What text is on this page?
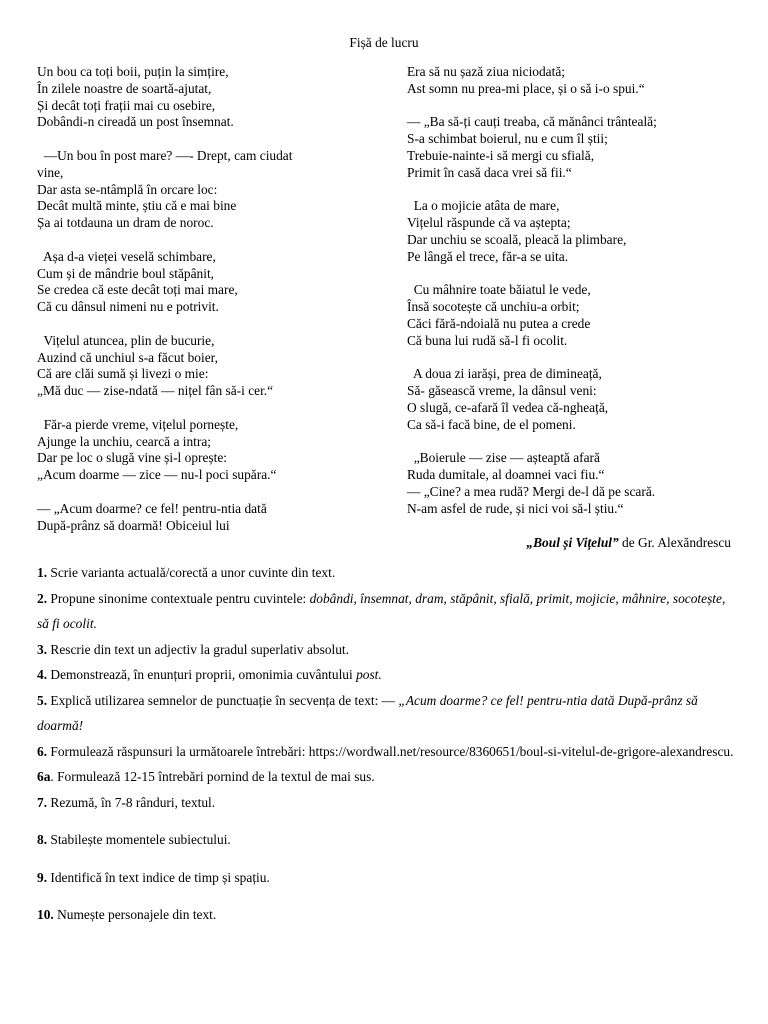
Fișă de lucru
Un bou ca toți boii, puțin la simțire,
În zilele noastre de soartă-ajutat,
Și decât toți frații mai cu osebire,
Dobândi-n cireadă un post însemnat.
—Un bou în post mare? —- Drept, cam ciudat
vine,
Dar asta se-ntâmplă în orcare loc:
Decât multă minte, știu că e mai bine
Șa ai totdauna un dram de noroc.
Așa d-a vieței veselă schimbare,
Cum și de mândrie boul stăpânit,
Se credea că este decât toți mai mare,
Că cu dânsul nimeni nu e potrivit.
Vițelul atuncea, plin de bucurie,
Auzind că unchiul s-a făcut boier,
Că are clăi sumă și livezi o mie:
„Mă duc — zise-ndată — nițel fân să-i cer.“
Făr-a pierde vreme, vițelul pornește,
Ajunge la unchiu, cearcă a intra;
Dar pe loc o slugă vine și-l oprește:
„Acum doarme — zice — nu-l poci supăra.“
— „Acum doarme? ce fel! pentru-ntia dată
După-prânz să doarmă! Obiceiul lui
Era să nu șază ziua niciodată;
Ast somn nu prea-mi place, și o să i-o spui.“
— „Ba să-ți cauți treaba, că mănânci trânteală;
S-a schimbat boierul, nu e cum îl știi;
Trebuie-nainte-i să mergi cu sfială,
Primit în casă daca vrei să fii.“
La o mojicie atâta de mare,
Vițelul răspunde că va aștepta;
Dar unchiu se scoală, pleacă la plimbare,
Pe lângă el trece, făr-a se uita.
Cu mâhnire toate băiatul le vede,
Însă socotește că unchiu-a orbit;
Căci fără-ndoială nu putea a crede
Că buna lui rudă să-l fi ocolit.
A doua zi iarăși, prea de dimineață,
Să- găsească vreme, la dânsul veni:
O slugă, ce-afară îl vedea că-ngheață,
Ca să-i facă bine, de el pomeni.
„Boierule — zise — așteaptă afară
Ruda dumitale, al doamnei vaci fiu.“
— „Cine? a mea rudă? Mergi de-l dă pe scară.
N-am asfel de rude, și nici voi să-l știu.“
„Boul și Vițelul” de Gr. Alexăndrescu

1. Scrie varianta actuală/corectă a unor cuvinte din text.

2. Propune sinonime contextuale pentru cuvintele: dobândi, însemnat, dram, stăpânit, sfială, primit, mojicie, mâhnire, socotește, să fi ocolit.

3. Rescrie din text un adjectiv la gradul superlativ absolut.

4. Demonstrează, în enunțuri proprii, omonimia cuvântului post.

5. Explică utilizarea semnelor de punctuație în secvența de text: — „Acum doarme? ce fel! pentru-ntia dată După-prânz să doarmă!

6. Formulează răspunsuri la următoarele întrebări: https://wordwall.net/resource/8360651/boul-si-vitelul-de-grigore-alexandrescu.

6a. Formulează 12-15 întrebări pornind de la textul de mai sus.

7. Rezumă, în 7-8 rânduri, textul.

8. Stabilește momentele subiectului.

9. Identifică în text indice de timp și spațiu.

10. Numește personajele din text.
